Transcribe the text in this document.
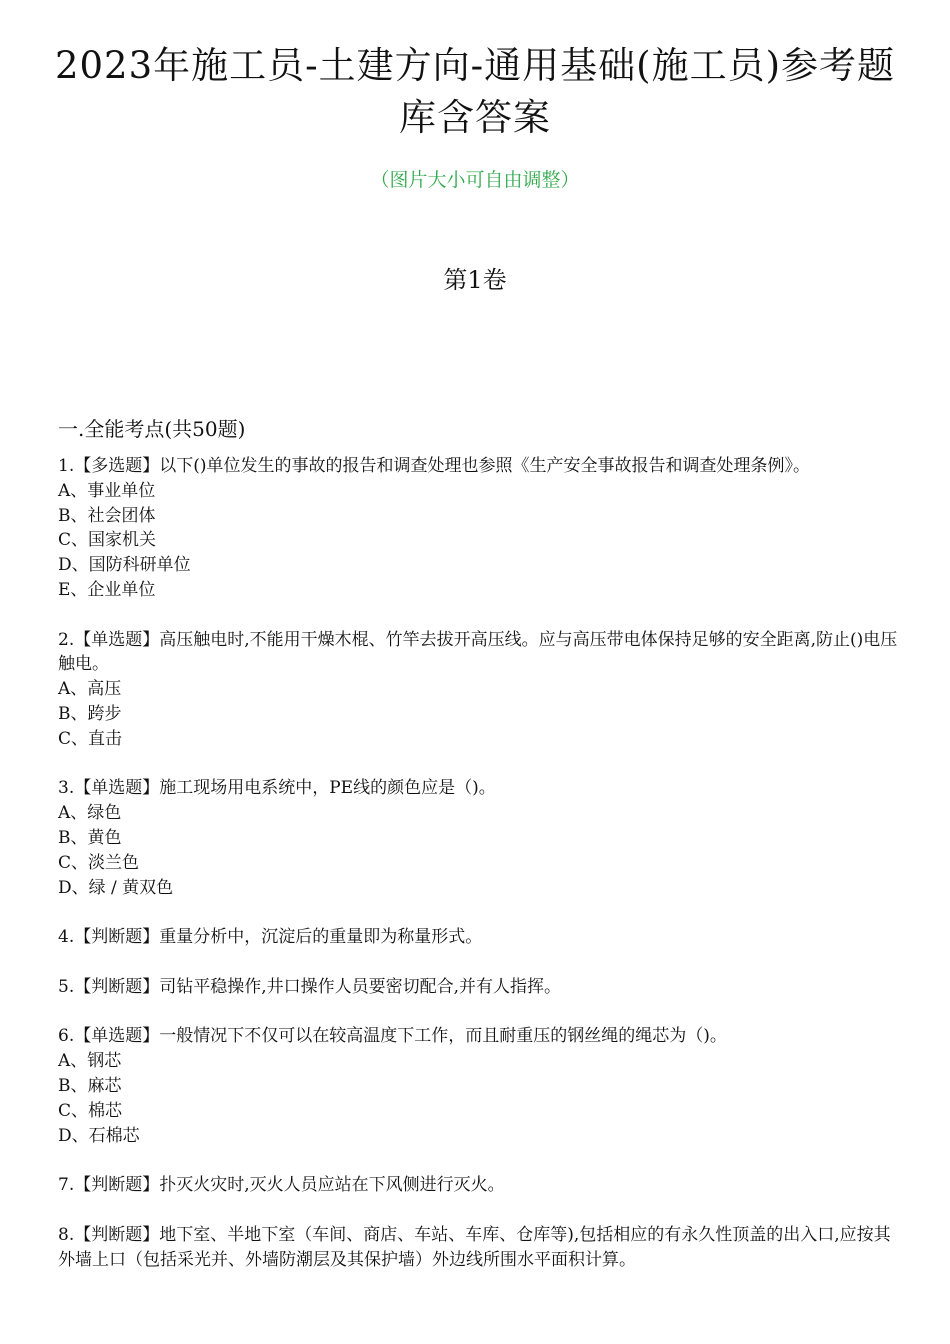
2023年施工员-土建方向-通用基础(施工员)参考题
库含答案
（图片大小可自由调整）
第1卷
一.全能考点(共50题)
1.【多选题】以下()单位发生的事故的报告和调查处理也参照《生产安全事故报告和调查处理条例》。
A、事业单位
B、社会团体
C、国家机关
D、国防科研单位
E、企业单位
2.【单选题】高压触电时,不能用干燥木棍、竹竿去拔开高压线。应与高压带电体保持足够的安全距离,防止()电压触电。
A、高压
B、跨步
C、直击
3.【单选题】施工现场用电系统中，PE线的颜色应是（)。
A、绿色
B、黄色
C、淡兰色
D、绿 / 黄双色
4.【判断题】重量分析中，沉淀后的重量即为称量形式。
5.【判断题】司钻平稳操作,井口操作人员要密切配合,并有人指挥。
6.【单选题】一般情况下不仅可以在较高温度下工作，而且耐重压的钢丝绳的绳芯为（)。
A、钢芯
B、麻芯
C、棉芯
D、石棉芯
7.【判断题】扑灭火灾时,灭火人员应站在下风侧进行灭火。
8.【判断题】地下室、半地下室（车间、商店、车站、车库、仓库等),包括相应的有永久性顶盖的出入口,应按其外墙上口（包括采光并、外墙防潮层及其保护墙）外边线所围水平面积计算。
